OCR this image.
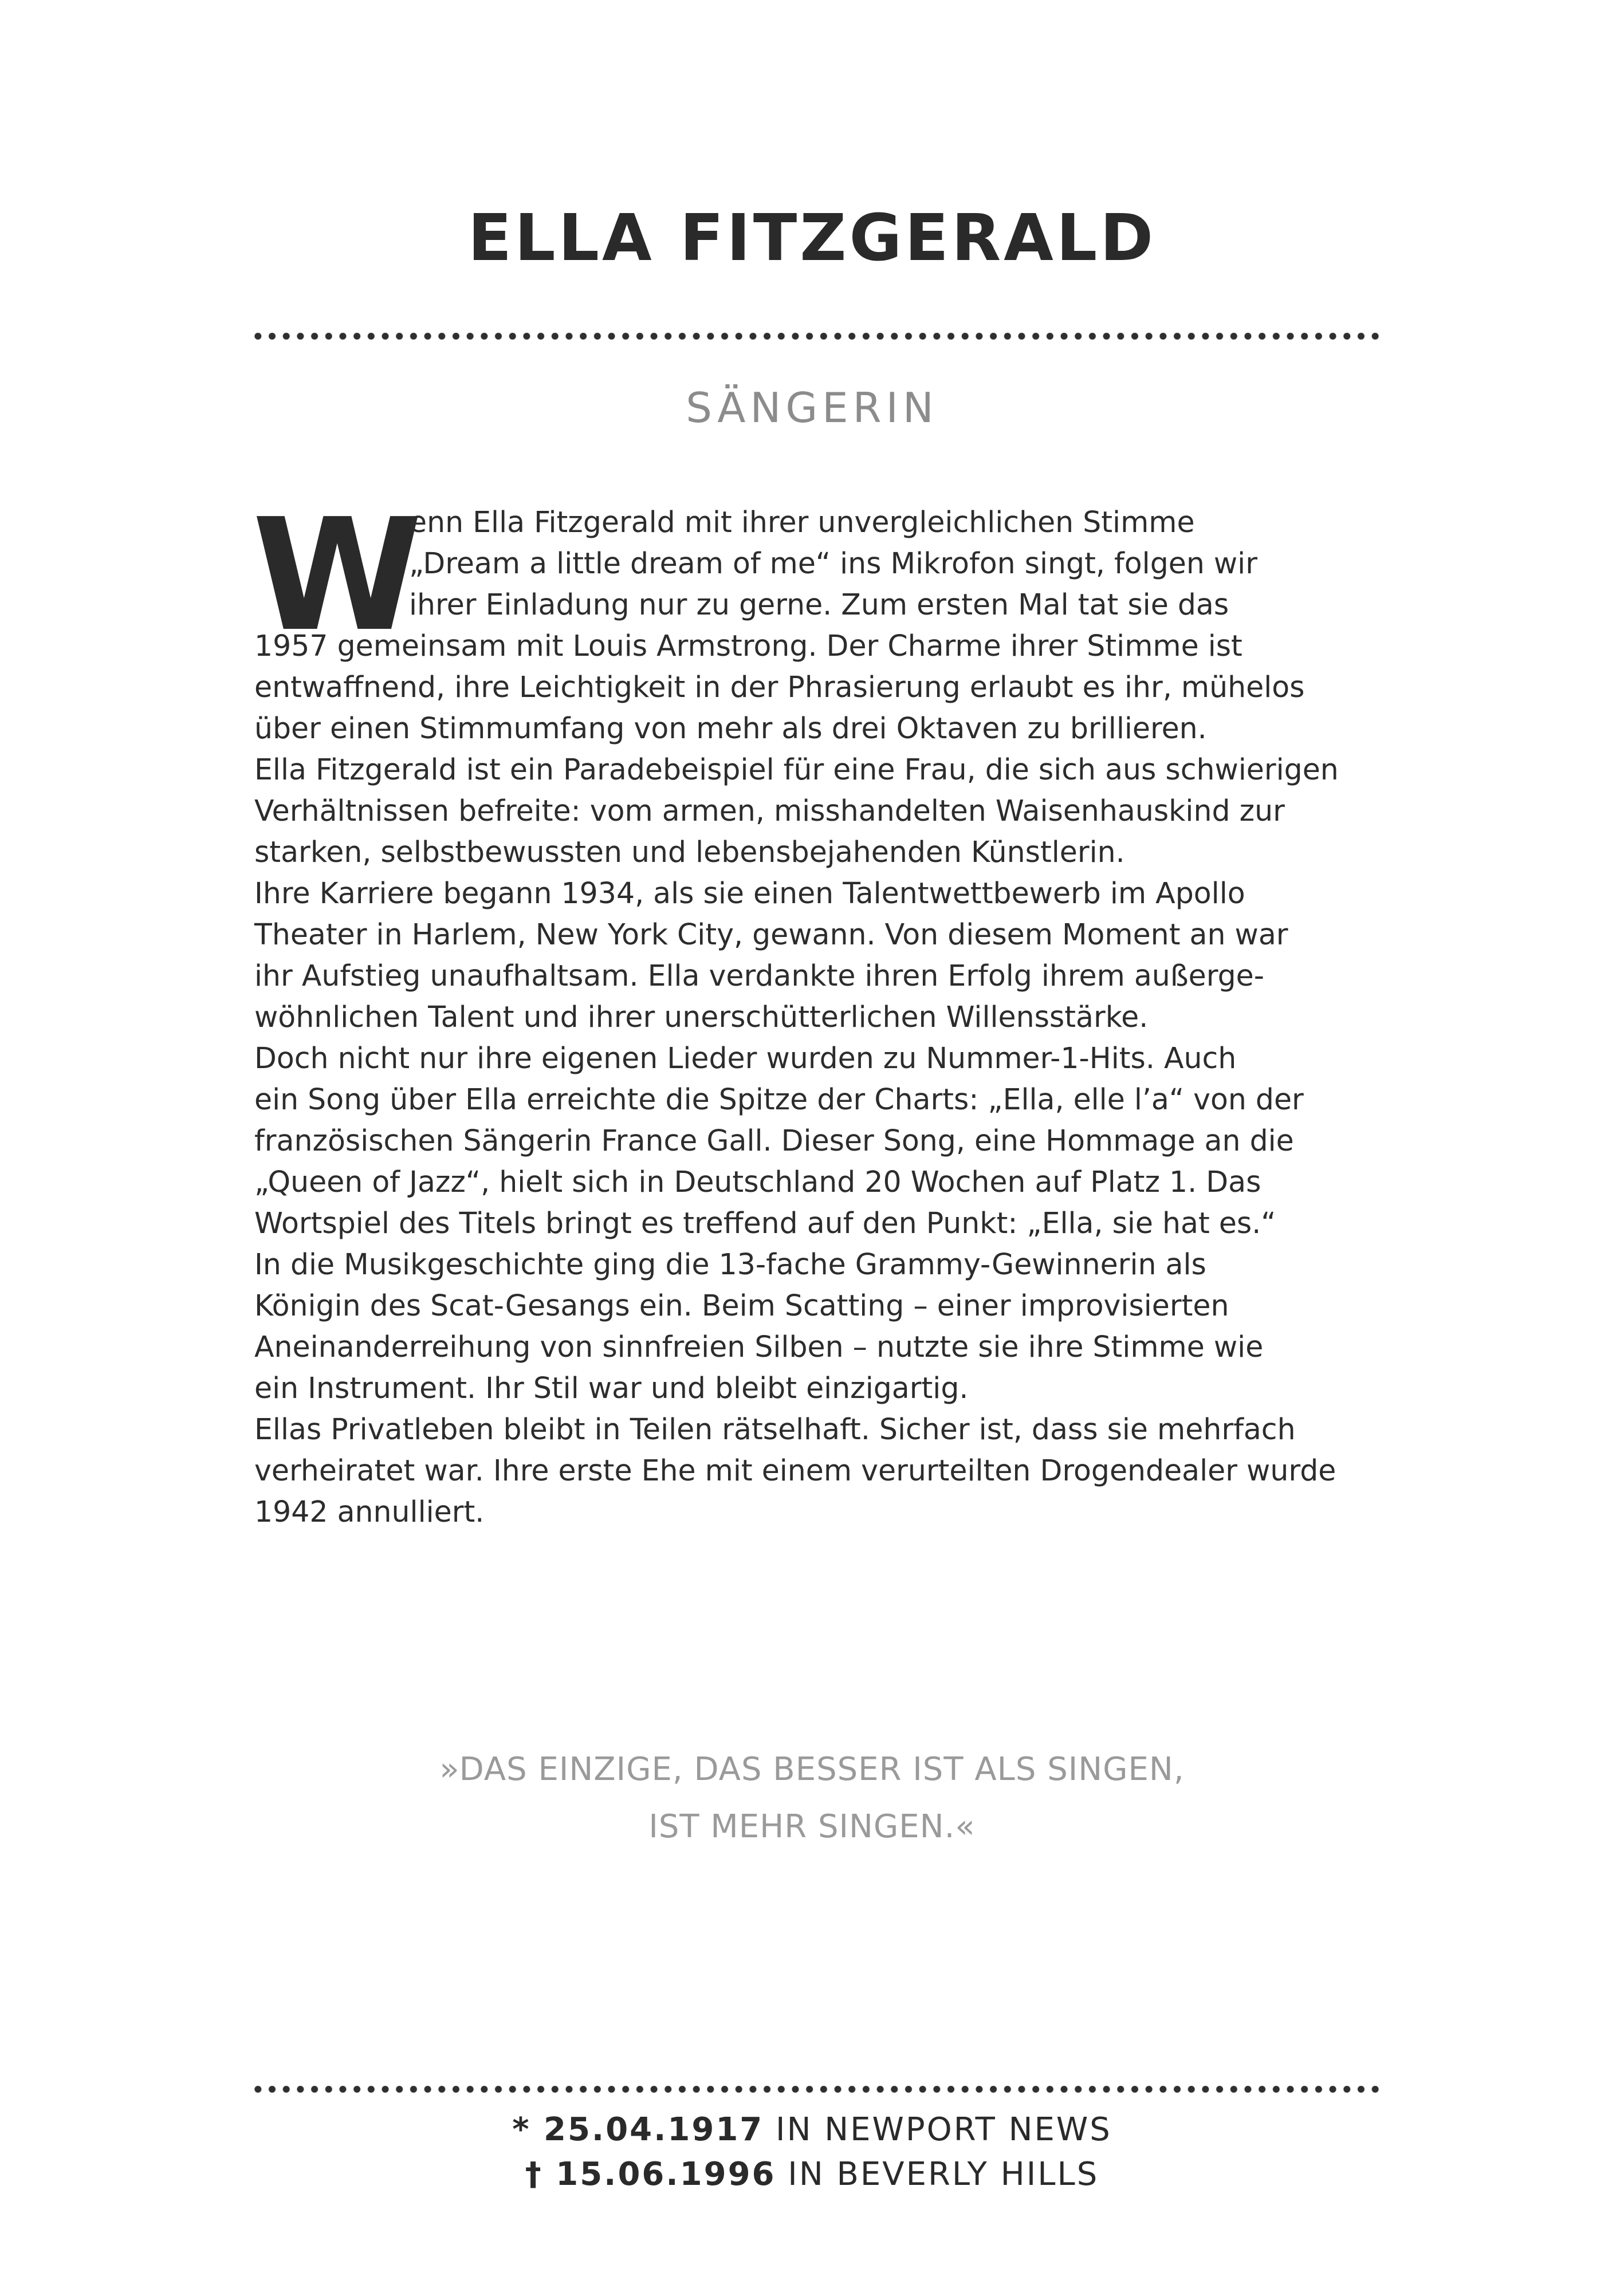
ELLA FITZGERALD
SÄNGERIN
W
enn Ella Fitzgerald mit ihrer unvergleichlichen Stimme
„Dream a little dream of me“ ins Mikrofon singt, folgen wir
ihrer Einladung nur zu gerne. Zum ersten Mal tat sie das
1957 gemeinsam mit Louis Armstrong. Der Charme ihrer Stimme ist
entwaffnend, ihre Leichtigkeit in der Phrasierung erlaubt es ihr, mühelos
über einen Stimmumfang von mehr als drei Oktaven zu brillieren.
Ella Fitzgerald ist ein Paradebeispiel für eine Frau, die sich aus schwierigen
Verhältnissen befreite: vom armen, misshandelten Waisenhauskind zur
starken, selbstbewussten und lebensbejahenden Künstlerin.
Ihre Karriere begann 1934, als sie einen Talentwettbewerb im Apollo
Theater in Harlem, New York City, gewann. Von diesem Moment an war
ihr Aufstieg unaufhaltsam. Ella verdankte ihren Erfolg ihrem außerge-
wöhnlichen Talent und ihrer unerschütterlichen Willensstärke.
Doch nicht nur ihre eigenen Lieder wurden zu Nummer-1-Hits. Auch
ein Song über Ella erreichte die Spitze der Charts: „Ella, elle l’a“ von der
französischen Sängerin France Gall. Dieser Song, eine Hommage an die
„Queen of Jazz“, hielt sich in Deutschland 20 Wochen auf Platz 1. Das
Wortspiel des Titels bringt es treffend auf den Punkt: „Ella, sie hat es.“
In die Musikgeschichte ging die 13-fache Grammy-Gewinnerin als
Königin des Scat-Gesangs ein. Beim Scatting – einer improvisierten
Aneinanderreihung von sinnfreien Silben – nutzte sie ihre Stimme wie
ein Instrument. Ihr Stil war und bleibt einzigartig.
Ellas Privatleben bleibt in Teilen rätselhaft. Sicher ist, dass sie mehrfach
verheiratet war. Ihre erste Ehe mit einem verurteilten Drogendealer wurde
1942 annulliert.
»DAS EINZIGE, DAS BESSER IST ALS SINGEN,
IST MEHR SINGEN.«
* 25.04.1917 IN NEWPORT NEWS
† 15.06.1996 IN BEVERLY HILLS
